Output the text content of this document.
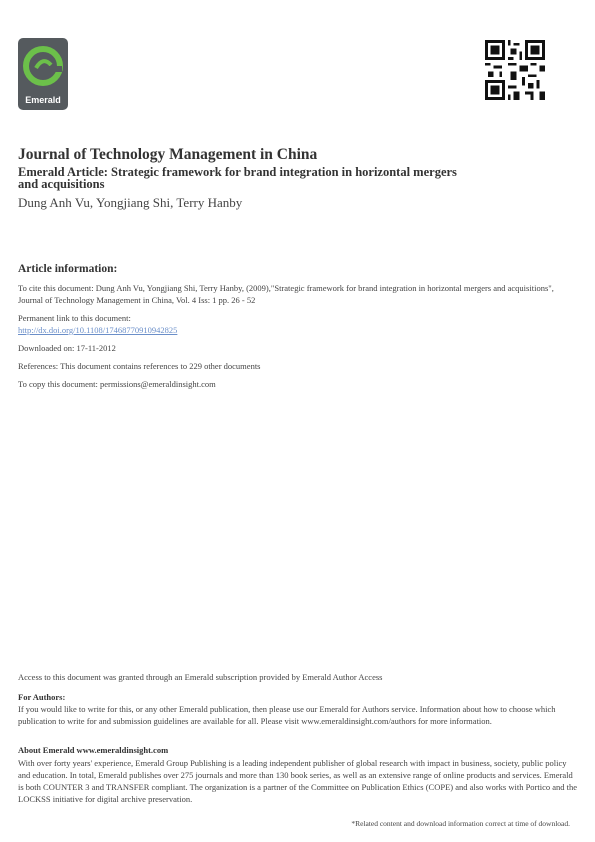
Emerald
Journal of Technology Management in China
Emerald Article: Strategic framework for brand integration in horizontal mergers and acquisitions
Dung Anh Vu, Yongjiang Shi, Terry Hanby
Article information:
To cite this document: Dung Anh Vu, Yongjiang Shi, Terry Hanby, (2009),"Strategic framework for brand integration in horizontal mergers and acquisitions", Journal of Technology Management in China, Vol. 4 Iss: 1 pp. 26 - 52
Permanent link to this document:
http://dx.doi.org/10.1108/17468770910942825
Downloaded on: 17-11-2012
References: This document contains references to 229 other documents
To copy this document: permissions@emeraldinsight.com
Access to this document was granted through an Emerald subscription provided by Emerald Author Access
For Authors:
If you would like to write for this, or any other Emerald publication, then please use our Emerald for Authors service. Information about how to choose which publication to write for and submission guidelines are available for all. Please visit www.emeraldinsight.com/authors for more information.
About Emerald www.emeraldinsight.com
With over forty years' experience, Emerald Group Publishing is a leading independent publisher of global research with impact in business, society, public policy and education. In total, Emerald publishes over 275 journals and more than 130 book series, as well as an extensive range of online products and services. Emerald is both COUNTER 3 and TRANSFER compliant. The organization is a partner of the Committee on Publication Ethics (COPE) and also works with Portico and the LOCKSS initiative for digital archive preservation.
*Related content and download information correct at time of download.
